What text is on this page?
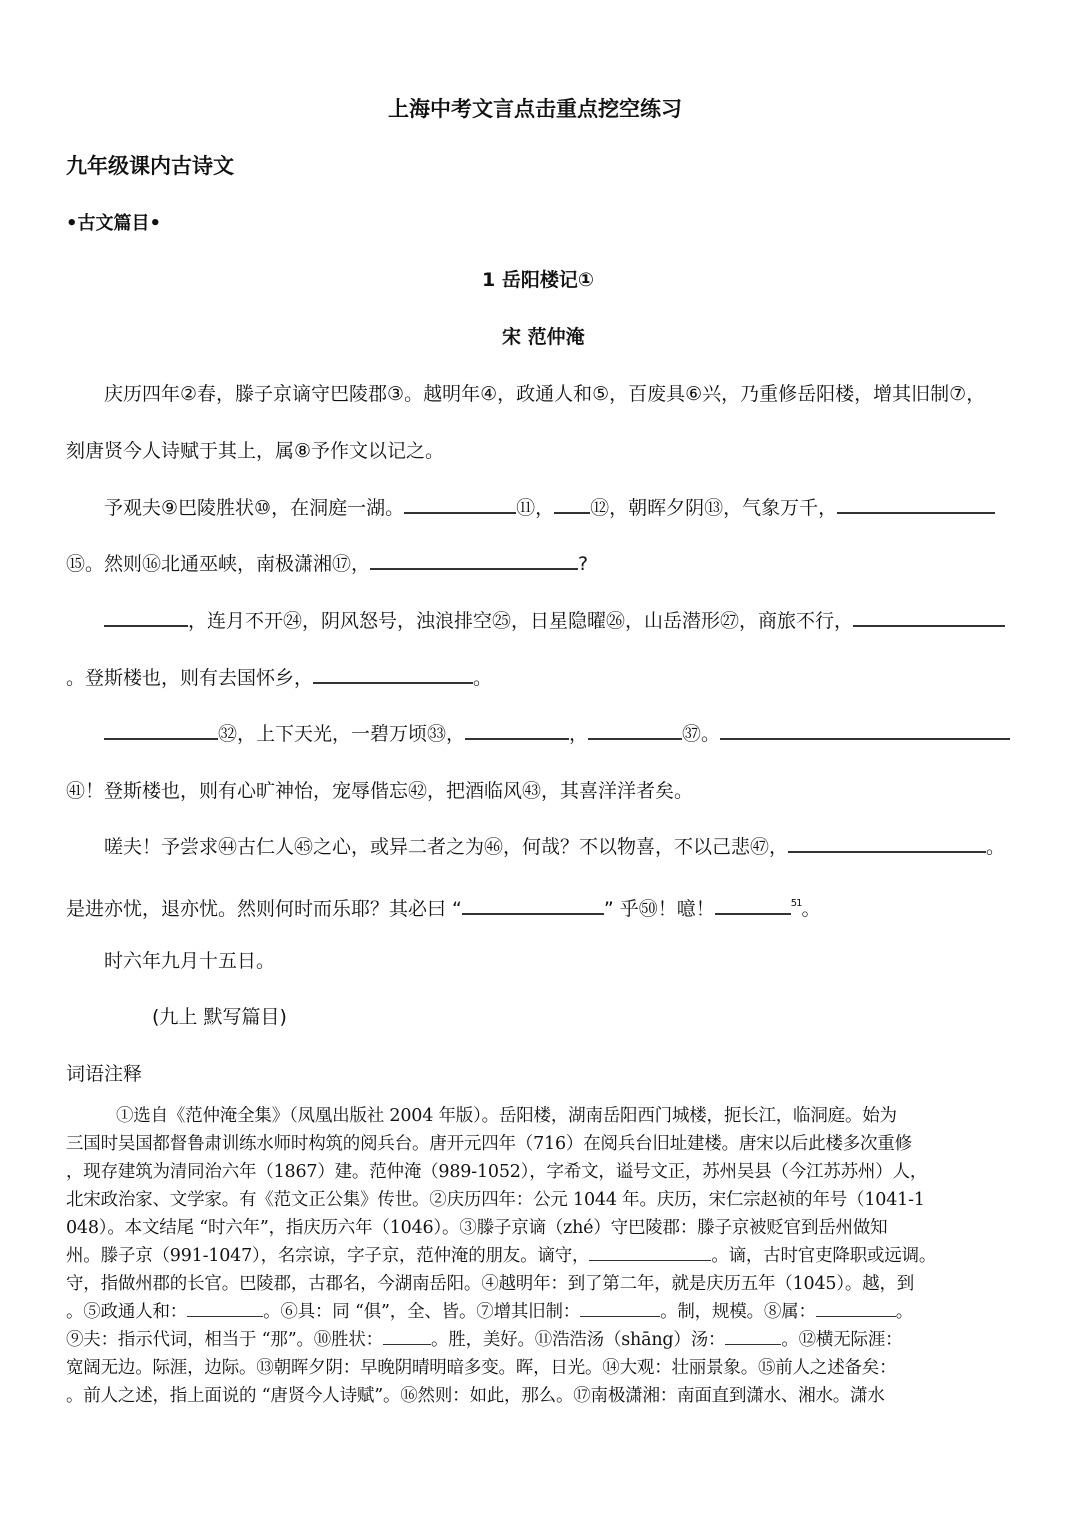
上海中考文言点击重点挖空练习
九年级课内古诗文
•古文篇目•
1 岳阳楼记①
宋 范仲淹
庆历四年②春，滕子京谪守巴陵郡③。越明年④，政通人和⑤，百废具⑥兴，乃重修岳阳楼，增其旧制⑦，
刻唐贤今人诗赋于其上，属⑧予作文以记之。
予观夫⑨巴陵胜状⑩，在洞庭一湖。	⑪， ⑫，朝晖夕阴⑬，气象万千，
⑮。然则⑯北通巫峡，南极潇湘⑰，	?
，连月不开㉔，阴风怒号，浊浪排空㉕，日星隐曜㉖，山岳潜形㉗，商旅不行，
。登斯楼也，则有去国怀乡，	。
㉜，上下天光，一碧万顷㉝，	，	㊲。
㊶！登斯楼也，则有心旷神怡，宠辱偕忘㊷，把酒临风㊸，其喜洋洋者矣。
嗟夫！予尝求㊹古仁人㊺之心，或异二者之为㊻，何哉？不以物喜，不以己悲㊼，	。
是进亦忧，退亦忧。然则何时而乐耶？其必曰 “	” 乎㊿！噫！	$^{51}$。
时六年九月十五日。
(九上 默写篇目)
词语注释
①选自《范仲淹全集》（凤凰出版社 2004 年版）。岳阳楼，湖南岳阳西门城楼，扼长江，临洞庭。始为
三国时吴国都督鲁肃训练水师时构筑的阅兵台。唐开元四年（716）在阅兵台旧址建楼。唐宋以后此楼多次重修
，现存建筑为清同治六年（1867）建。范仲淹（989-1052），字希文，谥号文正，苏州吴县（今江苏苏州）人，
北宋政治家、文学家。有《范文正公集》传世。②庆历四年：公元 1044 年。庆历，宋仁宗赵祯的年号（1041-1
048）。本文结尾 “时六年”，指庆历六年（1046）。③滕子京谪（zhé）守巴陵郡：滕子京被贬官到岳州做知
州。滕子京（991-1047），名宗谅，字子京，范仲淹的朋友。谪守，	。谪，古时官吏降职或远调。
守，指做州郡的长官。巴陵郡，古郡名，今湖南岳阳。④越明年：到了第二年，就是庆历五年（1045）。越，到
。⑤政通人和：	。⑥具：同 “俱”，全、皆。⑦增其旧制：	。制，规模。⑧属：	。
⑨夫：指示代词，相当于 “那”。⑩胜状：	。胜，美好。⑪浩浩汤（shāng）汤：	。⑫横无际涯：
宽阔无边。际涯，边际。⑬朝晖夕阴：早晚阴晴明暗多变。晖，日光。⑭大观：壮丽景象。⑮前人之述备矣：
。前人之述，指上面说的 “唐贤今人诗赋”。⑯然则：如此，那么。⑰南极潇湘：南面直到潇水、湘水。潇水
